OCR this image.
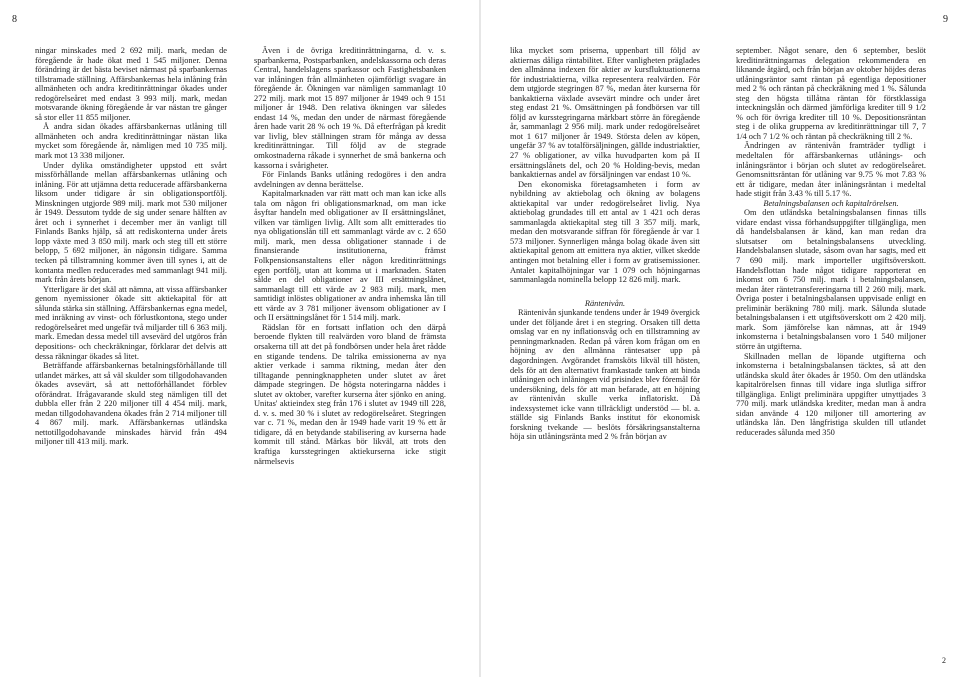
8

ningar minskades med 2 692 milj. mark, medan de föregående år hade ökat med 1 545 miljoner. Denna förändring är det bästa beviset närmast på sparbankernas tillstramade ställning. Affärsbankernas hela inlåning från allmänheten och andra kreditinrättningar ökades under redogörelseåret med endast 3 993 milj. mark, medan motsvarande ökning föregående år var nästan tre gånger så stor eller 11 855 miljoner.

Å andra sidan ökades affärsbankernas utlåning till allmänheten och andra kreditinrättningar nästan lika mycket som föregående år, nämligen med 10 735 milj. mark mot 13 338 miljoner.

Under dylika omständigheter uppstod ett svårt missförhållande mellan affärsbankernas utlåning och inlåning. För att utjämna detta reducerade affärsbankerna liksom under tidigare år sin obligationsportfölj. Minskningen utgjorde 989 milj. mark mot 530 miljoner år 1949. Dessutom tydde de sig under senare hälften av året och i synnerhet i december mer än vanligt till Finlands Banks hjälp, så att rediskonterna under årets lopp växte med 3 850 milj. mark och steg till ett större belopp, 5 692 miljoner, än någonsin tidigare. Samma tecken på tillstramning kommer även till synes i, att de kontanta medlen reducerades med sammanlagt 941 milj. mark från årets början.

Ytterligare är det skäl att nämna, att vissa affärsbanker genom nyemissioner ökade sitt aktiekapital för att sålunda stärka sin ställning. Affärsbankernas egna medel, med inräkning av vinst- och förlustkontona, stego under redogörelseåret med ungefär två miljarder till 6 363 milj. mark. Emedan dessa medel till avsevärd del utgöros från depositions- och checkräkningar, förklarar det delvis att dessa räkningar ökades så litet.

Beträffande affärsbankernas betalningsförhållande till utlandet märkes, att så väl skulder som tillgodohavanden ökades avsevärt, så att nettoförhållandet förblev oförändrat. Ifrågavarande skuld steg nämligen till det dubbla eller från 2 220 miljoner till 4 454 milj. mark, medan tillgodohavandena ökades från 2 714 miljoner till 4 867 milj. mark. Affärsbankernas utländska nettotillgodohavande minskades härvid från 494 miljoner till 413 milj. mark.

Även i de övriga kreditinrättningarna, d. v. s. sparbankerna, Postsparbanken, andelskassorna och deras Central, handelslagens sparkassor och Fastighetsbanken var inlåningen från allmänheten ojämförligt svagare än föregående år. Ökningen var nämligen sammanlagt 10 272 milj. mark mot 15 897 miljoner år 1949 och 9 151 miljoner år 1948. Den relativa ökningen var således endast 14 %, medan den under de närmast föregående åren hade varit 28 % och 19 %. Då efterfrågan på kredit var livlig, blev ställningen stram för många av dessa kreditinrättningar. Till följd av de stegrade omkostnaderna råkade i synnerhet de små bankerna och kassorna i svårigheter.

För Finlands Banks utlåning redogöres i den andra avdelningen av denna berättelse.

Kapitalmarknaden var rätt matt och man kan icke alls tala om någon fri obligationsmarknad, om man icke åsyftar handeln med obligationer av II ersättningslånet, vilken var tämligen livlig. Allt som allt emitterades tio nya obligationslån till ett sammanlagt värde av c. 2 650 milj. mark, men dessa obligationer stannade i de finansierande institutionerna, främst Folkpensionsanstaltens eller någon kreditinrättnings egen portfölj, utan att komma ut i marknaden. Staten sålde en del obligationer av III ersättningslånet, sammanlagt till ett värde av 2 983 milj. mark, men samtidigt inlöstes obligationer av andra inhemska lån till ett värde av 3 781 miljoner ävensom obligationer av I och II ersättningslånet för 1 514 milj. mark.

Rädslan för en fortsatt inflation och den därpå beroende flykten till realvärden voro bland de främsta orsakerna till att det på fondbörsen under hela året rådde en stigande tendens. De talrika emissionerna av nya aktier verkade i samma riktning, medan åter den tilltagande penningknappheten under slutet av året dämpade stegringen. De högsta noteringarna nåddes i slutet av oktober, varefter kurserna åter sjönko en aning. Unitas' aktieindex steg från 176 i slutet av 1949 till 228, d. v. s. med 30 % i slutet av redogörelseåret. Stegringen var c. 71 %, medan den år 1949 hade varit 19 % ett år tidigare, då en betydande stabilisering av kurserna hade kommit till stånd. Märkas bör likväl, att trots den kraftiga kursstegringen aktiekurserna icke stigit närmelsevis

9

lika mycket som priserna, uppenbart till följd av aktiernas dåliga räntabilitet. Efter vanligheten präglades den allmänna indexen för aktier av kursfluktuationerna för industriaktierna, vilka representera realvärden. För dem utgjorde stegringen 87 %, medan åter kurserna för bankaktierna växlade avsevärt mindre och under året steg endast 21 %. Omsättningen på fondbörsen var till följd av kursstegringarna märkbart större än föregående år, sammanlagt 2 956 milj. mark under redogörelseåret mot 1 617 miljoner år 1949. Största delen av köpen, ungefär 37 % av totalförsäljningen, gällde industriaktier, 27 % obligationer, av vilka huvudparten kom på II ersättningslånets del, och 20 % Holding-bevis, medan bankaktiernas andel av försäljningen var endast 10 %.

Den ekonomiska företagsamheten i form av nybildning av aktiebolag och ökning av bolagens aktiekapital var under redogörelseåret livlig. Nya aktiebolag grundades till ett antal av 1 421 och deras sammanlagda aktiekapital steg till 3 357 milj. mark, medan den motsvarande siffran för föregående år var 1 573 miljoner. Synnerligen många bolag ökade även sitt aktiekapital genom att emittera nya aktier, vilket skedde antingen mot betalning eller i form av gratisemissioner. Antalet kapitalhöjningar var 1 079 och höjningarnas sammanlagda nominella belopp 12 826 milj. mark.

Räntenivån.

Räntenivån sjunkande tendens under år 1949 övergick under det följande året i en stegring. Orsaken till detta omslag var en ny inflationsvåg och en tillstramning av penningmarknaden. Redan på våren kom frågan om en höjning av den allmänna räntesatser upp på dagordningen. Avgörandet framsköts likväl till hösten, dels för att den alternativt framkastade tanken att binda utlåningen och inlåningen vid prisindex blev föremål för undersökning, dels för att man befarade, att en höjning av räntenivån skulle verka inflatoriskt. Då indexsystemet icke vann tillräckligt understöd — bl. a. ställde sig Finlands Banks institut för ekonomisk forskning tvekande — beslöts försäkringsanstalterna höja sin utlåningsränta med 2 % från början av

september. Något senare, den 6 september, beslöt kreditinrättningarnas delegation rekommendera en liknande åtgärd, och från början av oktober höjdes deras utlåningsräntor samt räntan på egentliga depositioner med 2 % och räntan på checkräkning med 1 %. Sålunda steg den högsta tillåtna räntan för förstklassiga inteckningslån och därmed jämförliga krediter till 9 1/2 % och för övriga krediter till 10 %. Depositionsräntan steg i de olika grupperna av kreditinrättningar till 7, 7 1/4 och 7 1/2 % och räntan på checkräkning till 2 %.

Ändringen av räntenivån framträder tydligt i medeltalen för affärsbankernas utlånings- och inlåningsräntor i början och slutet av redogörelseåret. Genomsnittsräntan för utlåning var 9.75 % mot 7.83 % ett år tidigare, medan åter inlåningsräntan i medeltal hade stigit från 3.43 % till 5.17 %.

Betalningsbalansen och kapitalrörelsen.

Om den utländska betalningsbalansen finnas tills vidare endast vissa förhandsuppgifter tillgängliga, men då handelsbalansen är känd, kan man redan dra slutsatser om betalningsbalansens utveckling. Handelsbalansen slutade, såsom ovan har sagts, med ett 7 690 milj. mark importeller utgiftsöverskott. Handelsflottan hade något tidigare rapporterat en inkomst om 6 750 milj. mark i betalningsbalansen, medan åter räntetransfereringarna till 2 260 milj. mark. Övriga poster i betalningsbalansen uppvisade enligt en preliminär beräkning 780 milj. mark. Sålunda slutade betalningsbalansen i ett utgiftsöverskott om 2 420 milj. mark. Som jämförelse kan nämnas, att år 1949 inkomsterna i betalningsbalansen voro 1 540 miljoner större än utgifterna.

Skillnaden mellan de löpande utgifterna och inkomsterna i betalningsbalansen täcktes, så att den utländska skuld åter ökades år 1950. Om den utländska kapitalrörelsen finnas till vidare inga slutliga siffror tillgängliga. Enligt preliminära uppgifter utnyttjades 3 770 milj. mark utländska krediter, medan man å andra sidan använde 4 120 miljoner till amortering av utländska lån. Den långfristiga skulden till utlandet reducerades sålunda med 350

2
